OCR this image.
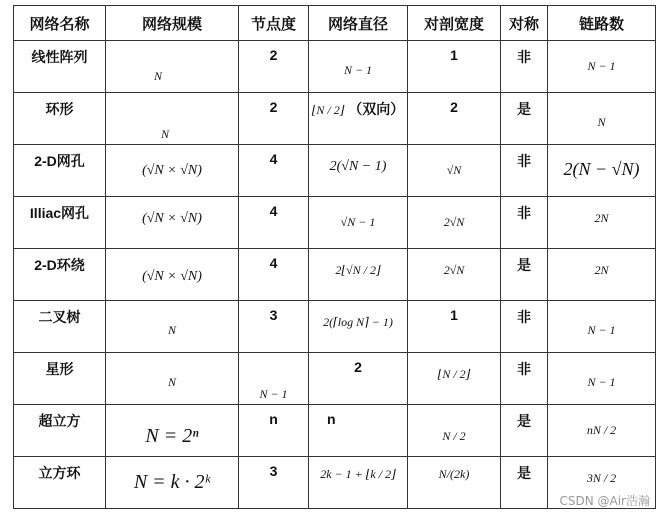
网络名称	网络规模	节点度	网络直径	对剖宽度	对称	链路数

线性阵列	N	2	N − 1	1	非	N − 1

环形	N	2	⌊N / 2⌋ （双向）	2	是	N

2-D网孔	(√N × √N)	4	2(√N − 1)	√N	非	2(N − √N)

Illiac网孔	(√N × √N)	4	√N − 1	2√N	非	2N

2-D环绕	(√N × √N)	4	2⌊√N / 2⌋	2√N	是	2N

二叉树	N	3	2(⌈log N⌉ − 1)	1	非	N − 1

星形	N	N − 1	2	⌊N / 2⌋	非	N − 1

超立方	N = 2ⁿ	n	n	N / 2	是	nN / 2

立方环	N = k · 2ᵏ	3	2k − 1 + ⌊k / 2⌋	N/(2k)	是	3N / 2
CSDN @Air浩瀚
